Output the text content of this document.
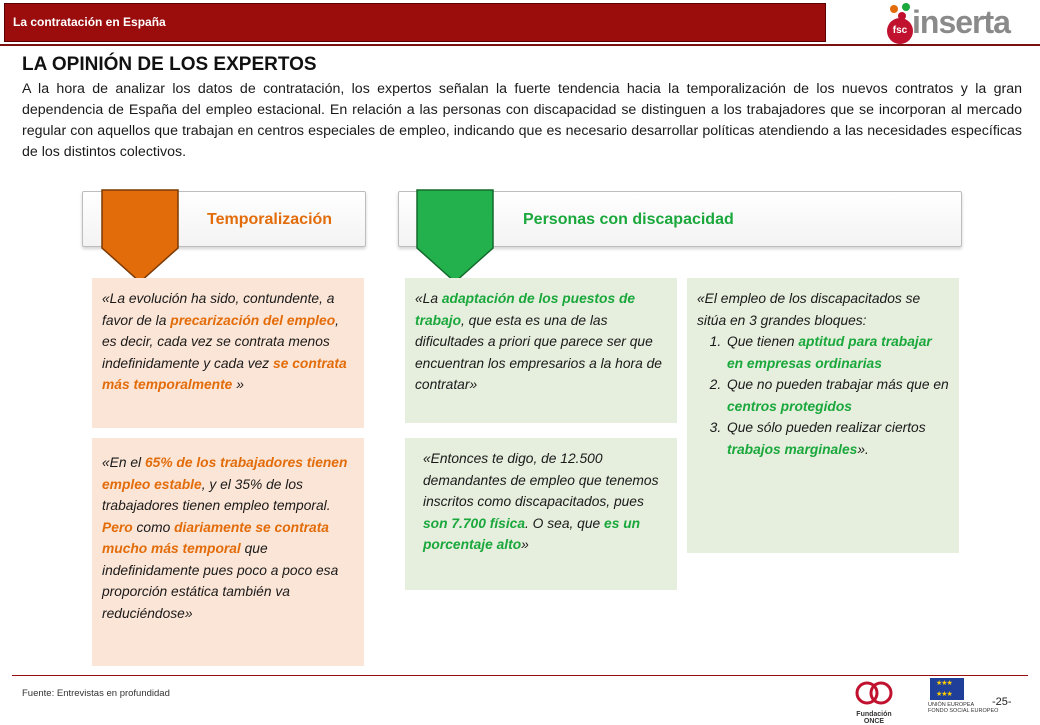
La contratación en España
fsc inserta
LA OPINIÓN DE LOS EXPERTOS
A la hora de analizar los datos de contratación, los expertos señalan la fuerte tendencia hacia la temporalización de los nuevos contratos y la gran dependencia de España del empleo estacional. En relación a las personas con discapacidad se distinguen a los trabajadores que se incorporan al mercado regular con aquellos que trabajan en centros especiales de empleo, indicando que es necesario desarrollar políticas atendiendo a las necesidades específicas de los distintos colectivos.
Temporalización	Personas con discapacidad
«La evolución ha sido, contundente, a favor de la precarización del empleo, es decir, cada vez se contrata menos indefinidamente y cada vez se contrata más temporalmente »
«En el 65% de los trabajadores tienen empleo estable, y el 35% de los trabajadores tienen empleo temporal. Pero como diariamente se contrata mucho más temporal que indefinidamente pues poco a poco esa proporción estática también va reduciéndose»
«La adaptación de los puestos de trabajo, que esta es una de las dificultades a priori que parece ser que encuentran los empresarios a la hora de contratar»
«Entonces te digo, de 12.500 demandantes de empleo que tenemos inscritos como discapacitados, pues son 7.700 física. O sea, que es un porcentaje alto»
«El empleo de los discapacitados se sitúa en 3 grandes bloques:
1. Que tienen aptitud para trabajar en empresas ordinarias
2. Que no pueden trabajar más que en centros protegidos
3. Que sólo pueden realizar ciertos trabajos marginales».
Fuente: Entrevistas en profundidad
Fundación ONCE
★★★
★★★
UNIÓN EUROPEA
FONDO SOCIAL EUROPEO
-25-
